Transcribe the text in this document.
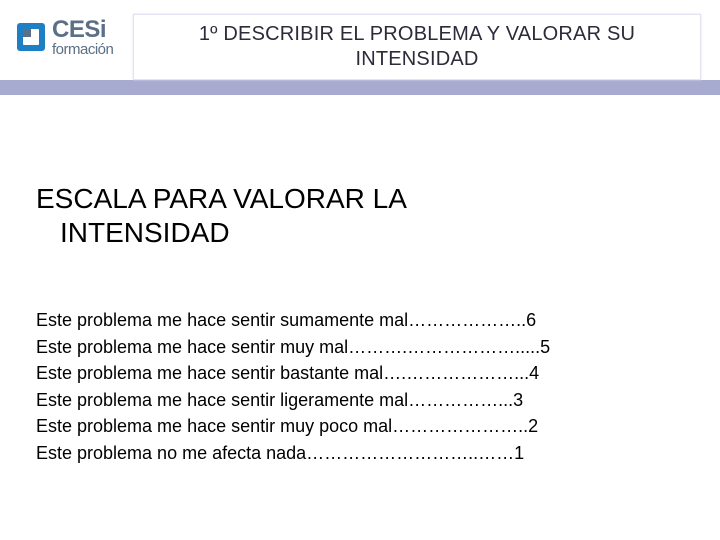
CESi
formación
1º DESCRIBIR EL PROBLEMA Y VALORAR SU
INTENSIDAD
ESCALA PARA VALORAR LA
INTENSIDAD
Este problema me hace sentir sumamente mal………………..6
Este problema me hace sentir muy mal……….……………….....5
Este problema me hace sentir bastante mal….………………...4
Este problema me hace sentir ligeramente mal……………...3
Este problema me hace sentir muy poco mal…………………..2
Este problema no me afecta nada………………………..……1
